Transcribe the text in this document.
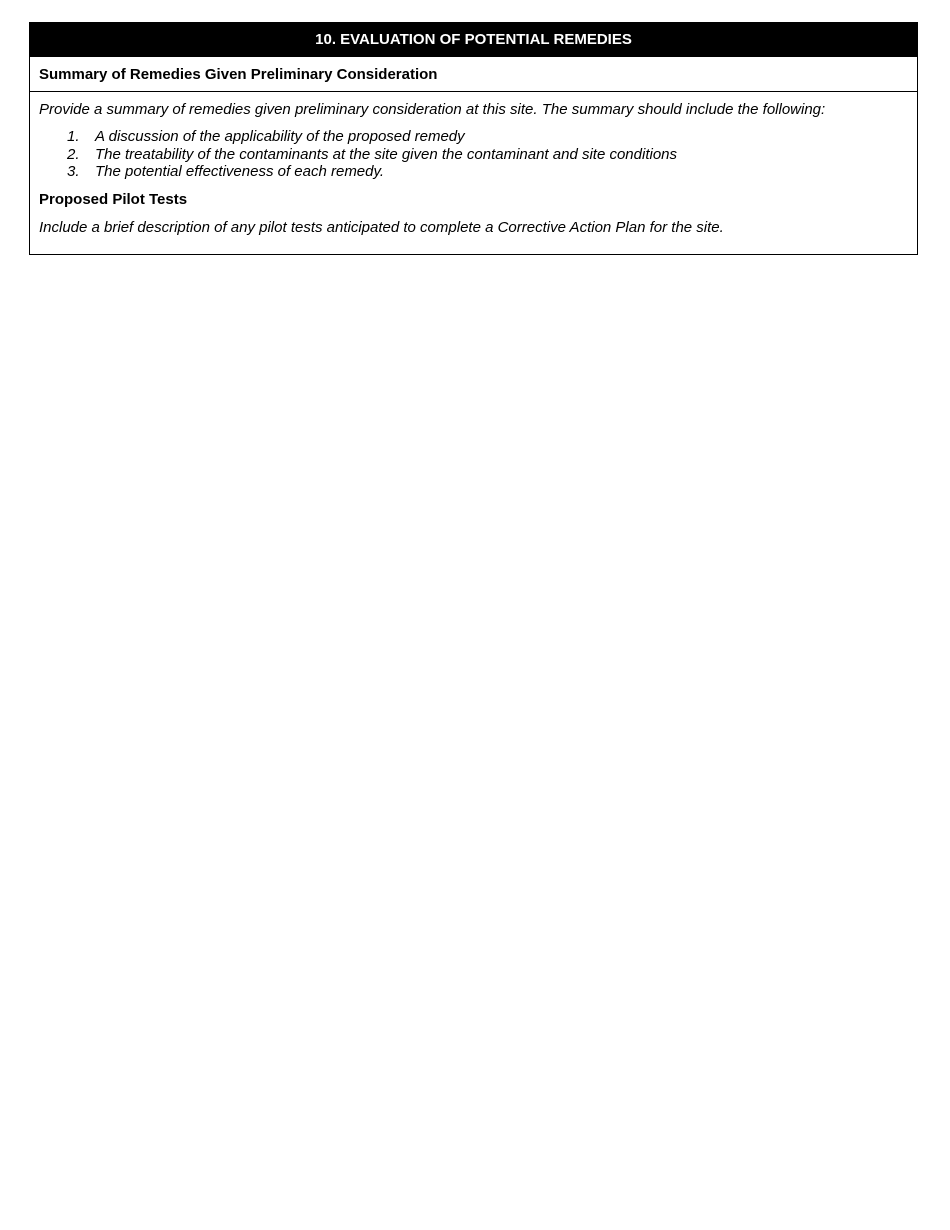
10. EVALUATION OF POTENTIAL REMEDIES
Summary of Remedies Given Preliminary Consideration

Provide a summary of remedies given preliminary consideration at this site. The summary should include the following:

1. A discussion of the applicability of the proposed remedy
2. The treatability of the contaminants at the site given the contaminant and site conditions
3. The potential effectiveness of each remedy.

Proposed Pilot Tests

Include a brief description of any pilot tests anticipated to complete a Corrective Action Plan for the site.
